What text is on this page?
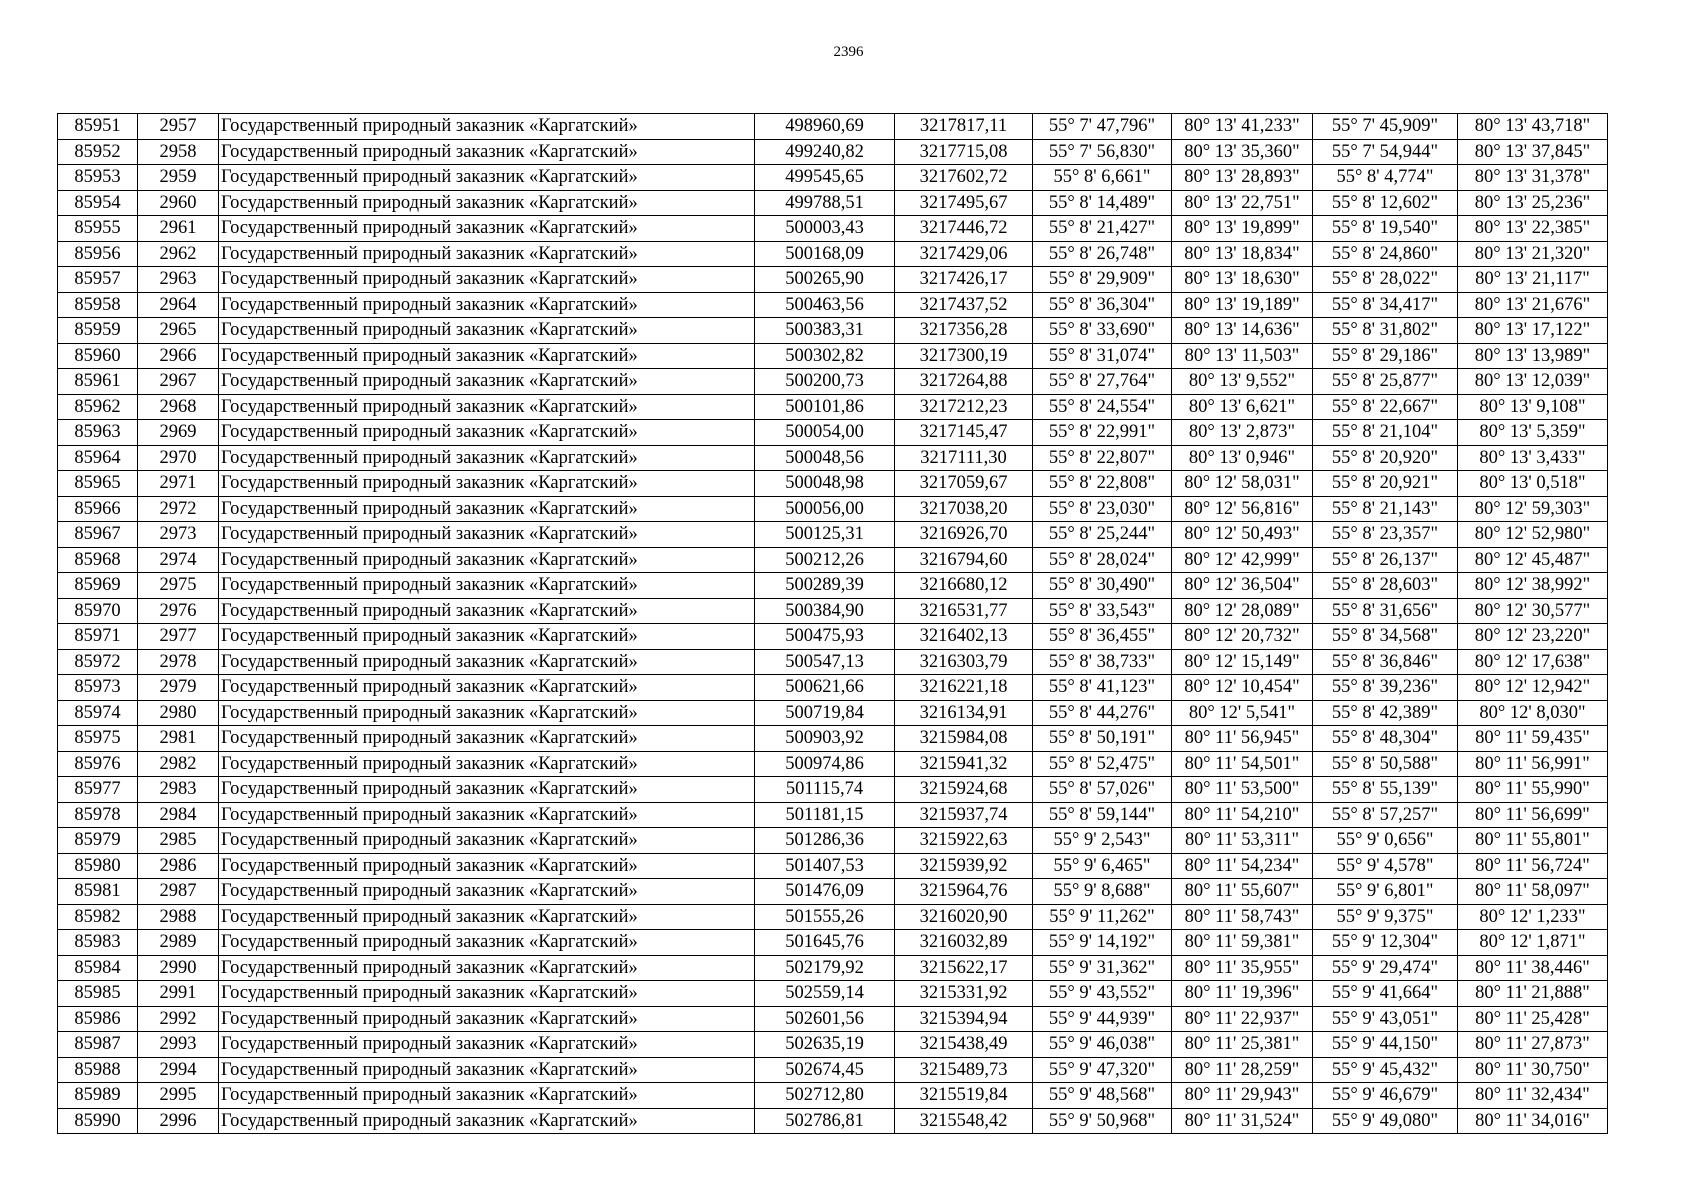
2396
85951	2957	Государственный природный заказник «Каргатский»	498960,69	3217817,11	55° 7' 47,796"	80° 13' 41,233"	55° 7' 45,909"	80° 13' 43,718"
85952	2958	Государственный природный заказник «Каргатский»	499240,82	3217715,08	55° 7' 56,830"	80° 13' 35,360"	55° 7' 54,944"	80° 13' 37,845"
85953	2959	Государственный природный заказник «Каргатский»	499545,65	3217602,72	55° 8' 6,661"	80° 13' 28,893"	55° 8' 4,774"	80° 13' 31,378"
85954	2960	Государственный природный заказник «Каргатский»	499788,51	3217495,67	55° 8' 14,489"	80° 13' 22,751"	55° 8' 12,602"	80° 13' 25,236"
85955	2961	Государственный природный заказник «Каргатский»	500003,43	3217446,72	55° 8' 21,427"	80° 13' 19,899"	55° 8' 19,540"	80° 13' 22,385"
85956	2962	Государственный природный заказник «Каргатский»	500168,09	3217429,06	55° 8' 26,748"	80° 13' 18,834"	55° 8' 24,860"	80° 13' 21,320"
85957	2963	Государственный природный заказник «Каргатский»	500265,90	3217426,17	55° 8' 29,909"	80° 13' 18,630"	55° 8' 28,022"	80° 13' 21,117"
85958	2964	Государственный природный заказник «Каргатский»	500463,56	3217437,52	55° 8' 36,304"	80° 13' 19,189"	55° 8' 34,417"	80° 13' 21,676"
85959	2965	Государственный природный заказник «Каргатский»	500383,31	3217356,28	55° 8' 33,690"	80° 13' 14,636"	55° 8' 31,802"	80° 13' 17,122"
85960	2966	Государственный природный заказник «Каргатский»	500302,82	3217300,19	55° 8' 31,074"	80° 13' 11,503"	55° 8' 29,186"	80° 13' 13,989"
85961	2967	Государственный природный заказник «Каргатский»	500200,73	3217264,88	55° 8' 27,764"	80° 13' 9,552"	55° 8' 25,877"	80° 13' 12,039"
85962	2968	Государственный природный заказник «Каргатский»	500101,86	3217212,23	55° 8' 24,554"	80° 13' 6,621"	55° 8' 22,667"	80° 13' 9,108"
85963	2969	Государственный природный заказник «Каргатский»	500054,00	3217145,47	55° 8' 22,991"	80° 13' 2,873"	55° 8' 21,104"	80° 13' 5,359"
85964	2970	Государственный природный заказник «Каргатский»	500048,56	3217111,30	55° 8' 22,807"	80° 13' 0,946"	55° 8' 20,920"	80° 13' 3,433"
85965	2971	Государственный природный заказник «Каргатский»	500048,98	3217059,67	55° 8' 22,808"	80° 12' 58,031"	55° 8' 20,921"	80° 13' 0,518"
85966	2972	Государственный природный заказник «Каргатский»	500056,00	3217038,20	55° 8' 23,030"	80° 12' 56,816"	55° 8' 21,143"	80° 12' 59,303"
85967	2973	Государственный природный заказник «Каргатский»	500125,31	3216926,70	55° 8' 25,244"	80° 12' 50,493"	55° 8' 23,357"	80° 12' 52,980"
85968	2974	Государственный природный заказник «Каргатский»	500212,26	3216794,60	55° 8' 28,024"	80° 12' 42,999"	55° 8' 26,137"	80° 12' 45,487"
85969	2975	Государственный природный заказник «Каргатский»	500289,39	3216680,12	55° 8' 30,490"	80° 12' 36,504"	55° 8' 28,603"	80° 12' 38,992"
85970	2976	Государственный природный заказник «Каргатский»	500384,90	3216531,77	55° 8' 33,543"	80° 12' 28,089"	55° 8' 31,656"	80° 12' 30,577"
85971	2977	Государственный природный заказник «Каргатский»	500475,93	3216402,13	55° 8' 36,455"	80° 12' 20,732"	55° 8' 34,568"	80° 12' 23,220"
85972	2978	Государственный природный заказник «Каргатский»	500547,13	3216303,79	55° 8' 38,733"	80° 12' 15,149"	55° 8' 36,846"	80° 12' 17,638"
85973	2979	Государственный природный заказник «Каргатский»	500621,66	3216221,18	55° 8' 41,123"	80° 12' 10,454"	55° 8' 39,236"	80° 12' 12,942"
85974	2980	Государственный природный заказник «Каргатский»	500719,84	3216134,91	55° 8' 44,276"	80° 12' 5,541"	55° 8' 42,389"	80° 12' 8,030"
85975	2981	Государственный природный заказник «Каргатский»	500903,92	3215984,08	55° 8' 50,191"	80° 11' 56,945"	55° 8' 48,304"	80° 11' 59,435"
85976	2982	Государственный природный заказник «Каргатский»	500974,86	3215941,32	55° 8' 52,475"	80° 11' 54,501"	55° 8' 50,588"	80° 11' 56,991"
85977	2983	Государственный природный заказник «Каргатский»	501115,74	3215924,68	55° 8' 57,026"	80° 11' 53,500"	55° 8' 55,139"	80° 11' 55,990"
85978	2984	Государственный природный заказник «Каргатский»	501181,15	3215937,74	55° 8' 59,144"	80° 11' 54,210"	55° 8' 57,257"	80° 11' 56,699"
85979	2985	Государственный природный заказник «Каргатский»	501286,36	3215922,63	55° 9' 2,543"	80° 11' 53,311"	55° 9' 0,656"	80° 11' 55,801"
85980	2986	Государственный природный заказник «Каргатский»	501407,53	3215939,92	55° 9' 6,465"	80° 11' 54,234"	55° 9' 4,578"	80° 11' 56,724"
85981	2987	Государственный природный заказник «Каргатский»	501476,09	3215964,76	55° 9' 8,688"	80° 11' 55,607"	55° 9' 6,801"	80° 11' 58,097"
85982	2988	Государственный природный заказник «Каргатский»	501555,26	3216020,90	55° 9' 11,262"	80° 11' 58,743"	55° 9' 9,375"	80° 12' 1,233"
85983	2989	Государственный природный заказник «Каргатский»	501645,76	3216032,89	55° 9' 14,192"	80° 11' 59,381"	55° 9' 12,304"	80° 12' 1,871"
85984	2990	Государственный природный заказник «Каргатский»	502179,92	3215622,17	55° 9' 31,362"	80° 11' 35,955"	55° 9' 29,474"	80° 11' 38,446"
85985	2991	Государственный природный заказник «Каргатский»	502559,14	3215331,92	55° 9' 43,552"	80° 11' 19,396"	55° 9' 41,664"	80° 11' 21,888"
85986	2992	Государственный природный заказник «Каргатский»	502601,56	3215394,94	55° 9' 44,939"	80° 11' 22,937"	55° 9' 43,051"	80° 11' 25,428"
85987	2993	Государственный природный заказник «Каргатский»	502635,19	3215438,49	55° 9' 46,038"	80° 11' 25,381"	55° 9' 44,150"	80° 11' 27,873"
85988	2994	Государственный природный заказник «Каргатский»	502674,45	3215489,73	55° 9' 47,320"	80° 11' 28,259"	55° 9' 45,432"	80° 11' 30,750"
85989	2995	Государственный природный заказник «Каргатский»	502712,80	3215519,84	55° 9' 48,568"	80° 11' 29,943"	55° 9' 46,679"	80° 11' 32,434"
85990	2996	Государственный природный заказник «Каргатский»	502786,81	3215548,42	55° 9' 50,968"	80° 11' 31,524"	55° 9' 49,080"	80° 11' 34,016"
